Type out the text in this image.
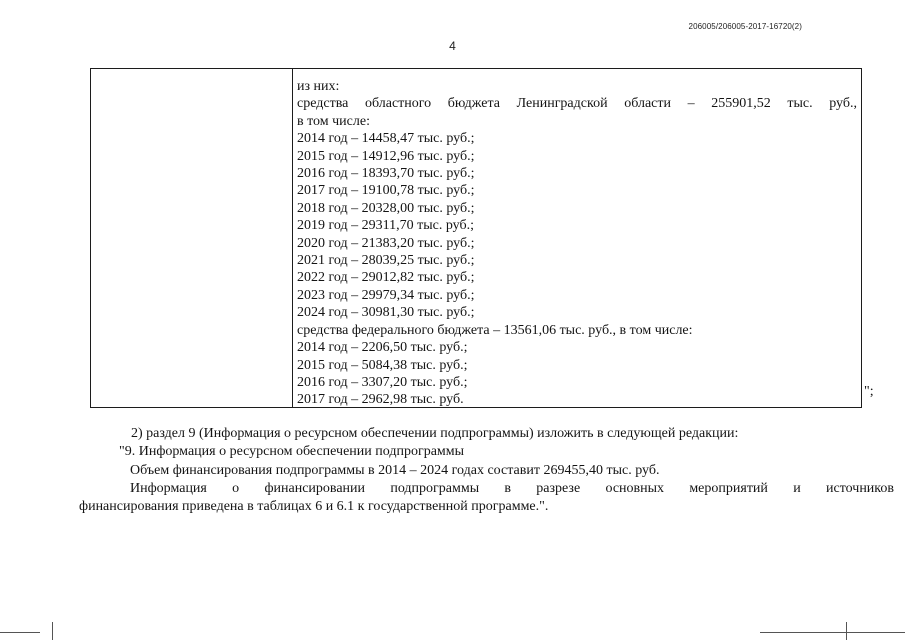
206005/206005-2017-16720(2)
4
из них:
средства областного бюджета Ленинградской области – 255901,52 тыс. руб.,
в том числе:
2014 год – 14458,47 тыс. руб.;
2015 год – 14912,96 тыс. руб.;
2016 год – 18393,70 тыс. руб.;
2017 год – 19100,78 тыс. руб.;
2018 год – 20328,00 тыс. руб.;
2019 год – 29311,70 тыс. руб.;
2020 год – 21383,20 тыс. руб.;
2021 год – 28039,25 тыс. руб.;
2022 год – 29012,82 тыс. руб.;
2023 год – 29979,34 тыс. руб.;
2024 год – 30981,30 тыс. руб.;
средства федерального бюджета – 13561,06 тыс. руб., в том числе:
2014 год – 2206,50 тыс. руб.;
2015 год – 5084,38 тыс. руб.;
2016 год – 3307,20 тыс. руб.;
2017 год – 2962,98 тыс. руб.
";
2) раздел 9 (Информация о ресурсном обеспечении подпрограммы) изложить в следующей редакции:
"9. Информация о ресурсном обеспечении подпрограммы
Объем финансирования подпрограммы в 2014 – 2024 годах составит 269455,40 тыс. руб.
Информация о финансировании подпрограммы в разрезе основных мероприятий и источников
финансирования приведена в таблицах 6 и 6.1 к государственной программе.".
